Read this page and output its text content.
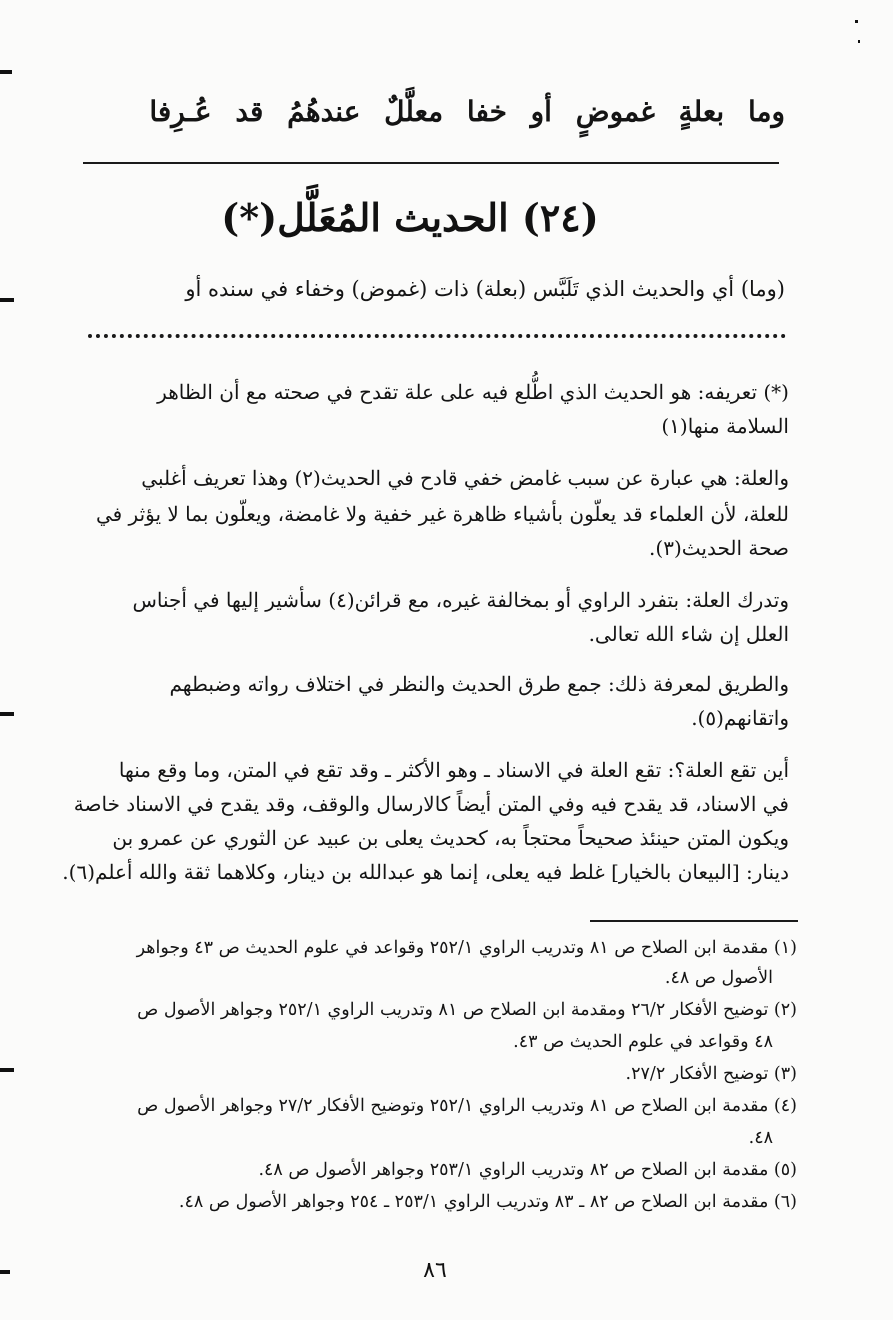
وما بعلةٍ غموضٍ أو خفا معلَّلٌ عندهُمُ قد عُـرِفا
(٢٤) الحديث المُعَلَّل(*)
(وما) أي والحديث الذي تَلَبَّس (بعلة) ذات (غموض) وخفاء في سنده أو
(*) تعريفه: هو الحديث الذي اطُّلع فيه على علة تقدح في صحته مع أن الظاهر
السلامة منها(١)
والعلة: هي عبارة عن سبب غامض خفي قادح في الحديث(٢) وهذا تعريف أغلبي
للعلة، لأن العلماء قد يعلّون بأشياء ظاهرة غير خفية ولا غامضة، ويعلّون بما لا يؤثر في
صحة الحديث(٣).
وتدرك العلة: بتفرد الراوي أو بمخالفة غيره، مع قرائن(٤) سأشير إليها في أجناس
العلل إن شاء الله تعالى.
والطريق لمعرفة ذلك: جمع طرق الحديث والنظر في اختلاف رواته وضبطهم
واتقانهم(٥).
أين تقع العلة؟: تقع العلة في الاسناد ـ وهو الأكثر ـ وقد تقع في المتن، وما وقع منها
في الاسناد، قد يقدح فيه وفي المتن أيضاً كالارسال والوقف، وقد يقدح في الاسناد خاصة
ويكون المتن حينئذ صحيحاً محتجاً به، كحديث يعلى بن عبيد عن الثوري عن عمرو بن
دينار: [البيعان بالخيار] غلط فيه يعلى، إنما هو عبدالله بن دينار، وكلاهما ثقة والله أعلم(٦).
(١) مقدمة ابن الصلاح ص ٨١ وتدريب الراوي ٢٥٢/١ وقواعد في علوم الحديث ص ٤٣ وجواهر
الأصول ص ٤٨.
(٢) توضيح الأفكار ٢٦/٢ ومقدمة ابن الصلاح ص ٨١ وتدريب الراوي ٢٥٢/١ وجواهر الأصول ص
٤٨ وقواعد في علوم الحديث ص ٤٣.
(٣) توضيح الأفكار ٢٧/٢.
(٤) مقدمة ابن الصلاح ص ٨١ وتدريب الراوي ٢٥٢/١ وتوضيح الأفكار ٢٧/٢ وجواهر الأصول ص
٤٨.
(٥) مقدمة ابن الصلاح ص ٨٢ وتدريب الراوي ٢٥٣/١ وجواهر الأصول ص ٤٨.
(٦) مقدمة ابن الصلاح ص ٨٢ ـ ٨٣ وتدريب الراوي ٢٥٣/١ ـ ٢٥٤ وجواهر الأصول ص ٤٨.
٨٦
